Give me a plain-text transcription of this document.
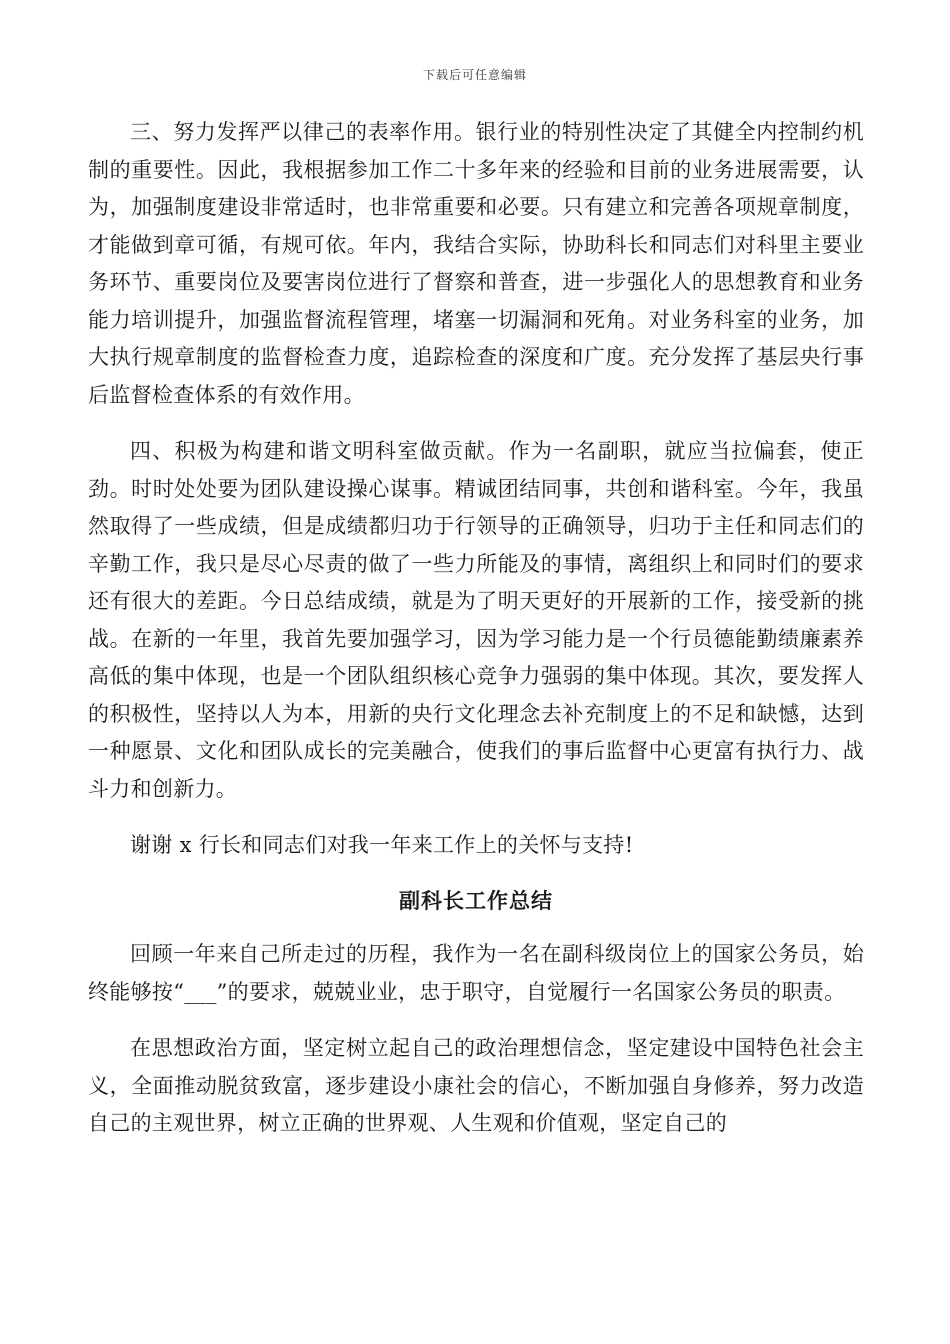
下载后可任意编辑

三、努力发挥严以律己的表率作用。银行业的特别性决定了其健全内控制约机制的重要性。因此，我根据参加工作二十多年来的经验和目前的业务进展需要，认为，加强制度建设非常适时，也非常重要和必要。只有建立和完善各项规章制度，才能做到章可循，有规可依。年内，我结合实际，协助科长和同志们对科里主要业务环节、重要岗位及要害岗位进行了督察和普查，进一步强化人的思想教育和业务能力培训提升，加强监督流程管理，堵塞一切漏洞和死角。对业务科室的业务，加大执行规章制度的监督检查力度，追踪检查的深度和广度。充分发挥了基层央行事后监督检查体系的有效作用。

四、积极为构建和谐文明科室做贡献。作为一名副职，就应当拉偏套，使正劲。时时处处要为团队建设操心谋事。精诚团结同事，共创和谐科室。今年，我虽然取得了一些成绩，但是成绩都归功于行领导的正确领导，归功于主任和同志们的辛勤工作，我只是尽心尽责的做了一些力所能及的事情，离组织上和同时们的要求还有很大的差距。今日总结成绩，就是为了明天更好的开展新的工作，接受新的挑战。在新的一年里，我首先要加强学习，因为学习能力是一个行员德能勤绩廉素养高低的集中体现，也是一个团队组织核心竞争力强弱的集中体现。其次，要发挥人的积极性，坚持以人为本，用新的央行文化理念去补充制度上的不足和缺憾，达到一种愿景、文化和团队成长的完美融合，使我们的事后监督中心更富有执行力、战斗力和创新力。

谢谢 x 行长和同志们对我一年来工作上的关怀与支持!

副科长工作总结

回顾一年来自己所走过的历程，我作为一名在副科级岗位上的国家公务员，始终能够按“___”的要求，兢兢业业，忠于职守，自觉履行一名国家公务员的职责。

在思想政治方面，坚定树立起自己的政治理想信念，坚定建设中国特色社会主义，全面推动脱贫致富，逐步建设小康社会的信心，不断加强自身修养，努力改造自己的主观世界，树立正确的世界观、人生观和价值观，坚定自己的
